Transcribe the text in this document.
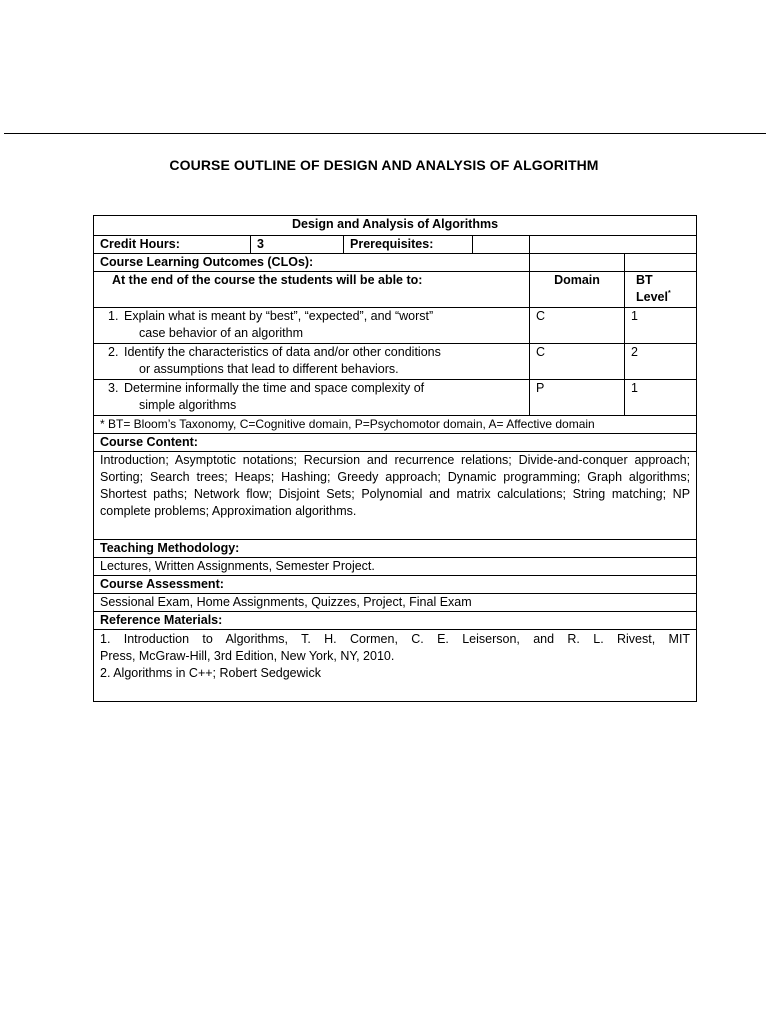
COURSE OUTLINE OF DESIGN AND ANALYSIS OF ALGORITHM
Design and Analysis of Algorithms					
Credit Hours:	3	Prerequisites:			
Course Learning Outcomes (CLOs):					
At the end of the course the students will be able to:				Domain	BT
Level*
1. Explain what is meant by “best”, “expected”, and “worst”
case behavior of an algorithm				C	1
2. Identify the characteristics of data and/or other conditions
or assumptions that lead to different behaviors.				C	2
3. Determine informally the time and space complexity of
simple algorithms				P	1
* BT= Bloom’s Taxonomy, C=Cognitive domain, P=Psychomotor domain, A= Affective domain					
Course Content:					
Introduction; Asymptotic notations; Recursion and recurrence relations; Divide-and-conquer approach; Sorting; Search trees; Heaps; Hashing; Greedy approach; Dynamic programming; Graph algorithms; Shortest paths; Network flow; Disjoint Sets; Polynomial and matrix calculations; String matching; NP complete problems; Approximation algorithms.					
Teaching Methodology:					
Lectures, Written Assignments, Semester Project.					
Course Assessment:					
Sessional Exam, Home Assignments, Quizzes, Project, Final Exam					
Reference Materials:					

1. Introduction to Algorithms, T. H. Cormen, C. E. Leiserson, and R. L. Rivest, MIT
Press, McGraw-Hill, 3rd Edition, New York, NY, 2010.
2. Algorithms in C++; Robert Sedgewick					
